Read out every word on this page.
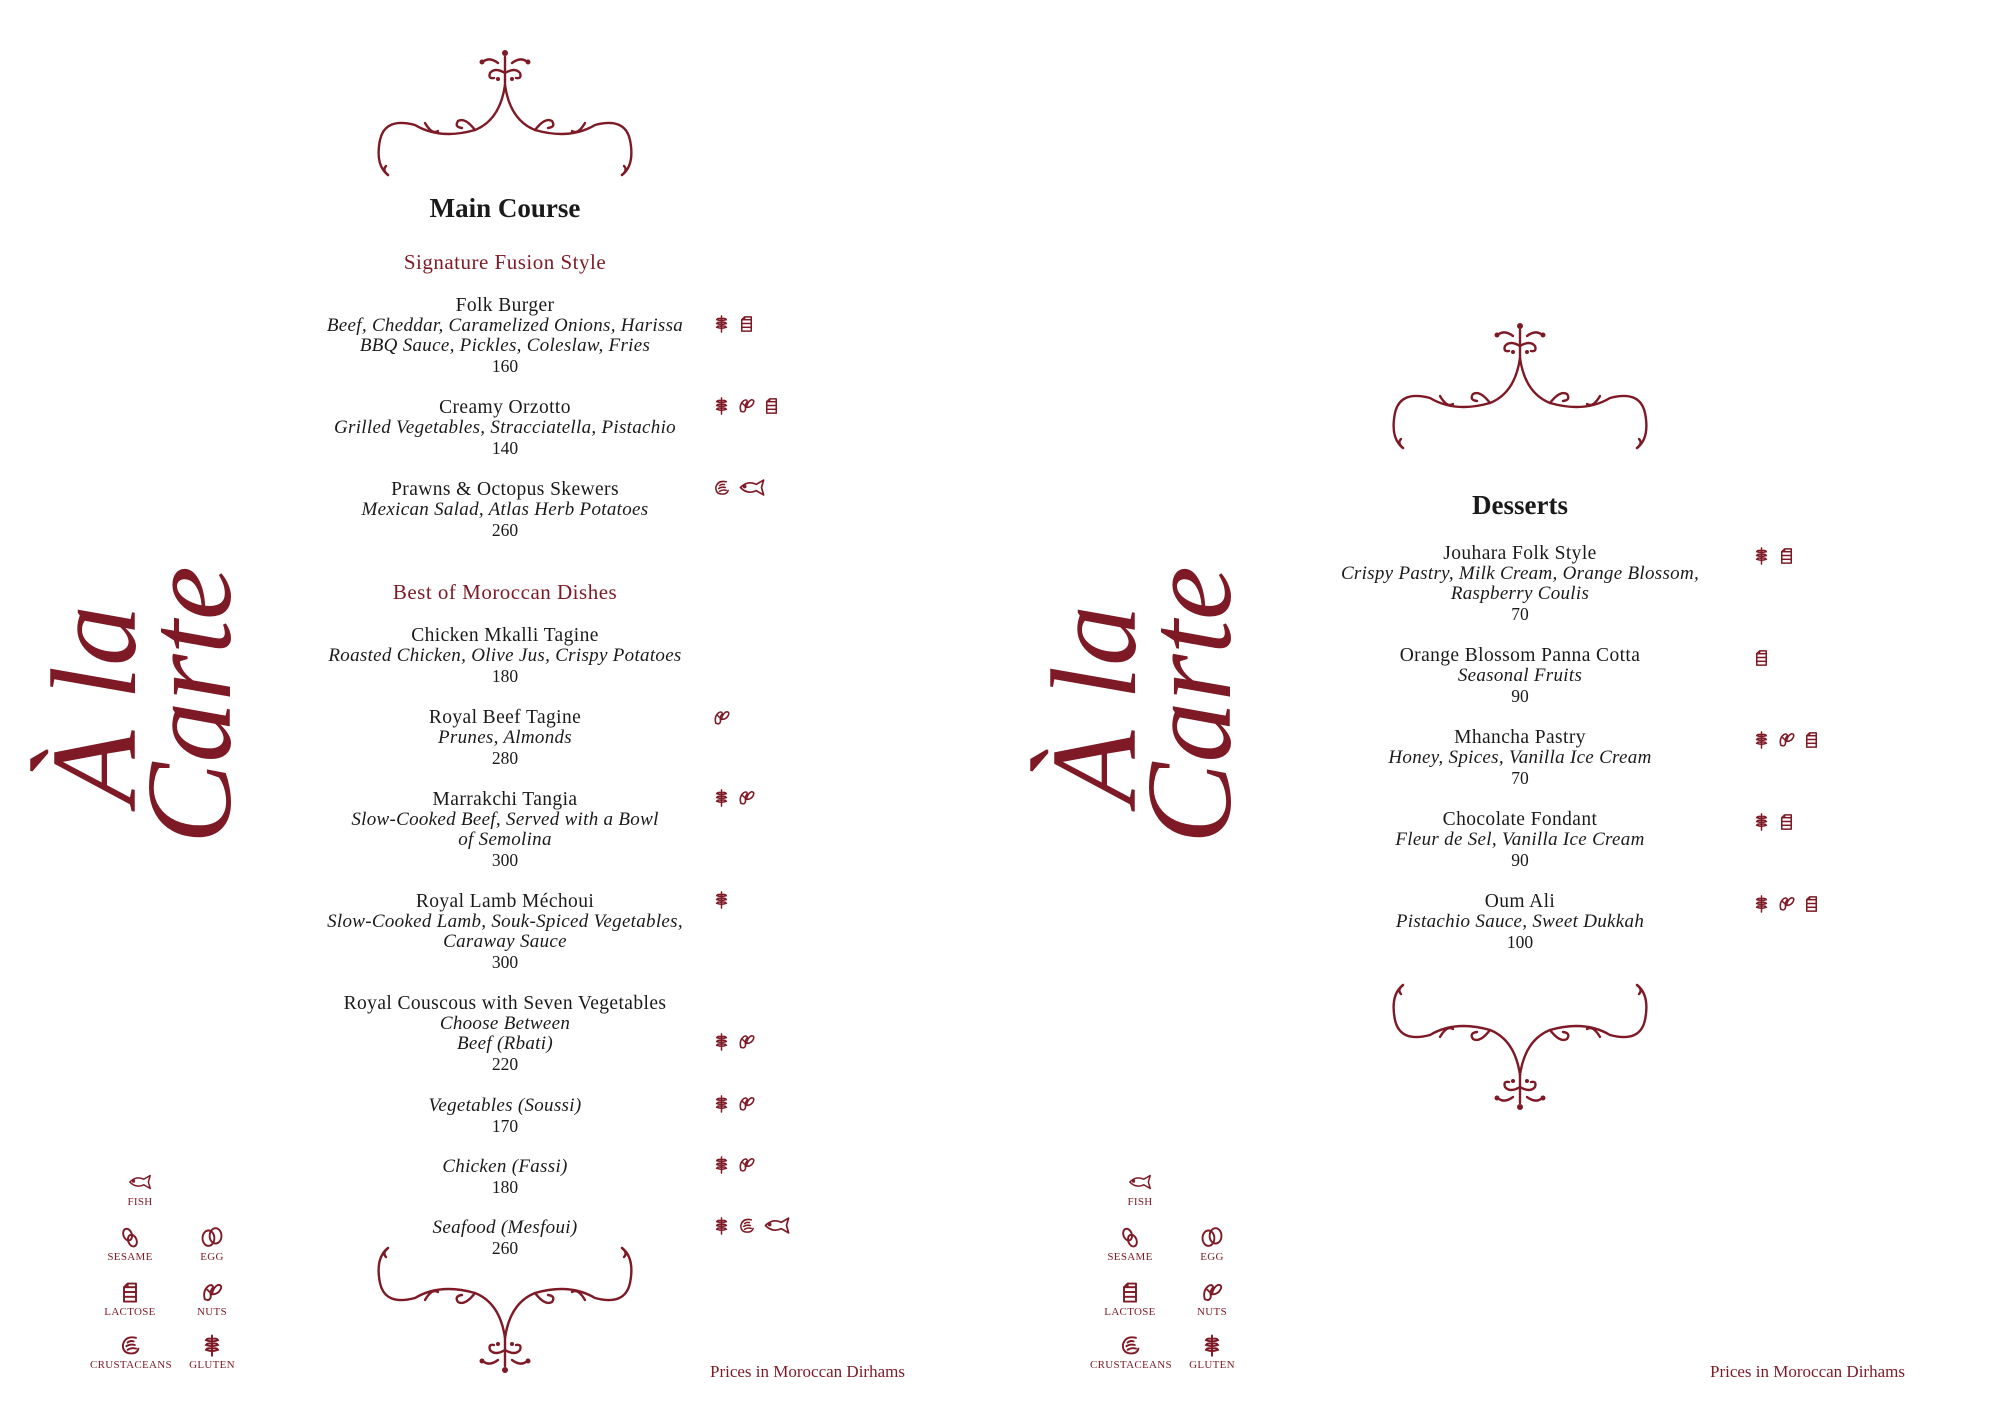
À la
Carte
Main Course
Signature Fusion Style
Folk Burger
Beef, Cheddar, Caramelized Onions, Harissa
BBQ Sauce, Pickles, Coleslaw, Fries
160
Creamy Orzotto
Grilled Vegetables, Stracciatella, Pistachio
140
Prawns & Octopus Skewers
Mexican Salad, Atlas Herb Potatoes
260
Best of Moroccan Dishes
Chicken Mkalli Tagine
Roasted Chicken, Olive Jus, Crispy Potatoes
180
Royal Beef Tagine
Prunes, Almonds
280
Marrakchi Tangia
Slow-Cooked Beef, Served with a Bowl
of Semolina
300
Royal Lamb Méchoui
Slow-Cooked Lamb, Souk-Spiced Vegetables,
Caraway Sauce
300
Royal Couscous with Seven Vegetables
Choose Between
Beef (Rbati)
220
Vegetables (Soussi)
170
Chicken (Fassi)
180
Seafood (Mesfoui)
260
FISH
SESAME	EGG
LACTOSE	NUTS
CRUSTACEANS	GLUTEN	Prices in Moroccan Dirhams
À la
Carte
Desserts
Jouhara Folk Style
Crispy Pastry, Milk Cream, Orange Blossom,
Raspberry Coulis
70
Orange Blossom Panna Cotta
Seasonal Fruits
90
Mhancha Pastry
Honey, Spices, Vanilla Ice Cream
70
Chocolate Fondant
Fleur de Sel, Vanilla Ice Cream
90
Oum Ali
Pistachio Sauce, Sweet Dukkah
100
FISH
SESAME	EGG
LACTOSE	NUTS
CRUSTACEANS	GLUTEN	Prices in Moroccan Dirhams
